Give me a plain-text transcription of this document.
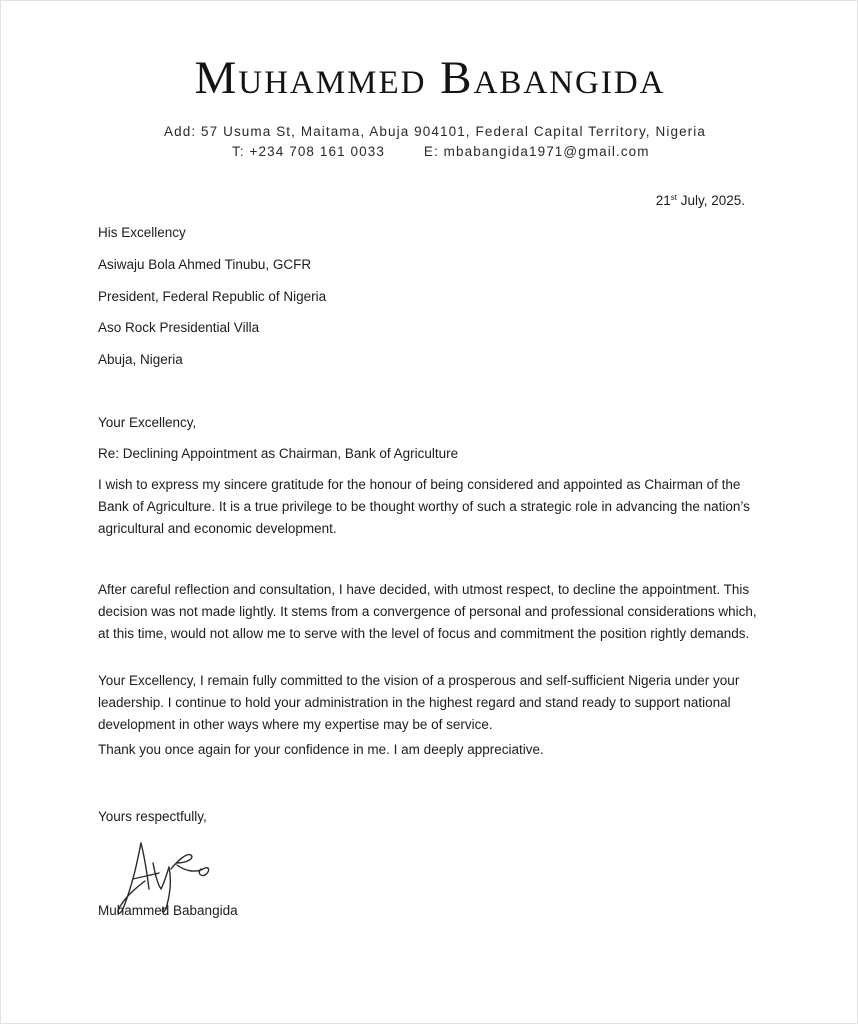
Muhammed Babangida
Add: 57 Usuma St, Maitama, Abuja 904101, Federal Capital Territory, Nigeria
T: +234 708 161 0033	E: mbabangida1971@gmail.com
21st July, 2025.
His Excellency
Asiwaju Bola Ahmed Tinubu, GCFR
President, Federal Republic of Nigeria
Aso Rock Presidential Villa
Abuja, Nigeria
Your Excellency,
Re: Declining Appointment as Chairman, Bank of Agriculture
I wish to express my sincere gratitude for the honour of being considered and appointed as Chairman of the Bank of Agriculture. It is a true privilege to be thought worthy of such a strategic role in advancing the nation’s agricultural and economic development.
After careful reflection and consultation, I have decided, with utmost respect, to decline the appointment. This decision was not made lightly. It stems from a convergence of personal and professional considerations which, at this time, would not allow me to serve with the level of focus and commitment the position rightly demands.
Your Excellency, I remain fully committed to the vision of a prosperous and self-sufficient Nigeria under your leadership. I continue to hold your administration in the highest regard and stand ready to support national development in other ways where my expertise may be of service.
Thank you once again for your confidence in me. I am deeply appreciative.
Yours respectfully,
Muhammed Babangida
